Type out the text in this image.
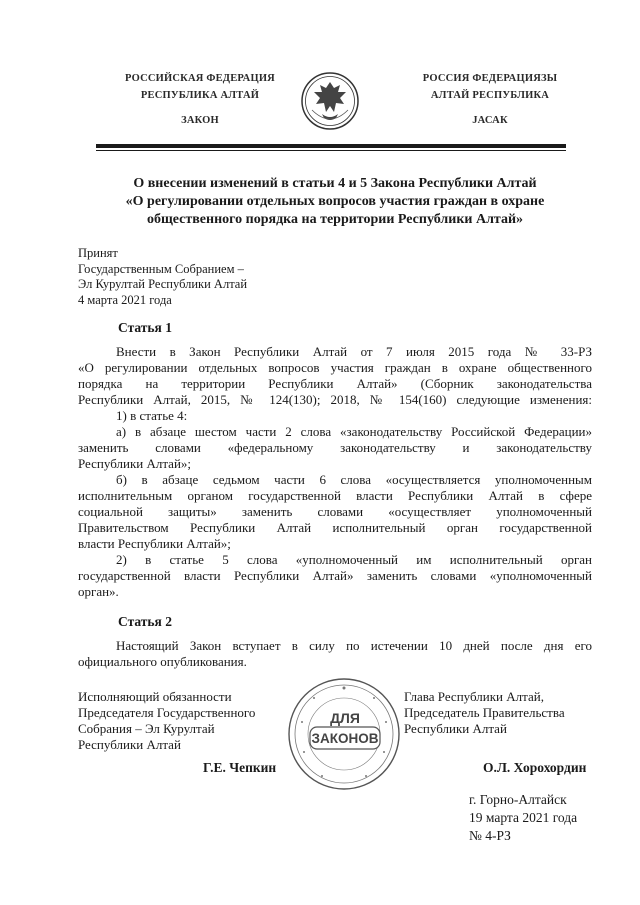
РОССИЙСКАЯ ФЕДЕРАЦИЯ
РЕСПУБЛИКА АЛТАЙ
ЗАКОН
РОССИЯ ФЕДЕРАЦИЯЗЫ
АЛТАЙ РЕСПУБЛИКА
ЈАСАК
О внесении изменений в статьи 4 и 5 Закона Республики Алтай
«О регулировании отдельных вопросов участия граждан в охране
общественного порядка на территории Республики Алтай»
Принят
Государственным Собранием –
Эл Курултай Республики Алтай
4 марта 2021 года
Статья 1
Внести в Закон Республики Алтай от 7 июля 2015 года № 33-РЗ
«О регулировании отдельных вопросов участия граждан в охране общественного
порядка на территории Республики Алтай» (Сборник законодательства
Республики Алтай, 2015, № 124(130); 2018, № 154(160) следующие изменения:
1) в статье 4:
а) в абзаце шестом части 2 слова «законодательству Российской Федерации»
заменить словами «федеральному законодательству и законодательству
Республики Алтай»;
б) в абзаце седьмом части 6 слова «осуществляется уполномоченным
исполнительным органом государственной власти Республики Алтай в сфере
социальной защиты» заменить словами «осуществляет уполномоченный
Правительством Республики Алтай исполнительный орган государственной
власти Республики Алтай»;
2) в статье 5 слова «уполномоченный им исполнительный орган
государственной власти Республики Алтай» заменить словами «уполномоченный
орган».
Статья 2
Настоящий Закон вступает в силу по истечении 10 дней после дня его
официального опубликования.
Исполняющий обязанности
Председателя Государственного
Собрания – Эл Курултай
Республики Алтай
Г.Е. Чепкин
ДЛЯ
ЗАКОНОВ
Глава Республики Алтай,
Председатель Правительства
Республики Алтай
О.Л. Хорохордин
г. Горно-Алтайск
19 марта 2021 года
№ 4-РЗ
